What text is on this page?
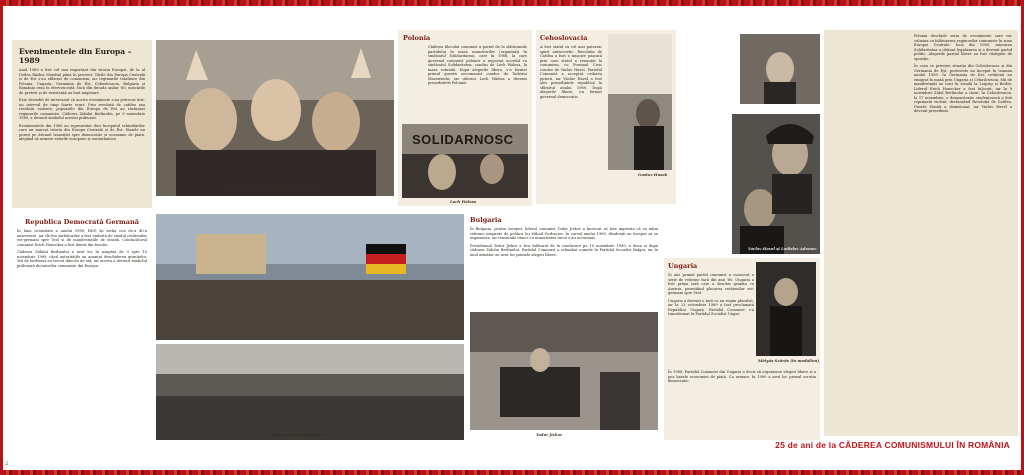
Evenimentele din Europa – 1989
Anul 1989 a fost cel mai important din istoria Europei, de la al Doilea Război Mondial până în prezent. Țările din Europa Centrală și de Est s-au eliberat de comunism, iar regimurile totalitare din Polonia, Ungaria, Germania de Est, Cehoslovacia, Bulgaria și România erau în efervescență. Încă din decada anilor '80, mișcările de protest și de rezistență au luat amploare.
Este deosebit de interesant că aceste evenimente s-au petrecut într-un interval de timp foarte scurt. Prin revoluții de catifea sau revoluții violente, popoarele din Europa de Est au răsturnat regimurile comuniste. Căderea Zidului Berlinului, pe 9 noiembrie 1989, a devenit simbolul acestei prăbușiri.
Evenimentele din 1989 au reprezentat deci începutul schimbărilor care au marcat istoria din Europa Centrală și de Est. Statele au pornit pe drumul tranziției spre democrație și economie de piață, alegând să urmeze valorile europene și euroatlantice.
Mihail Gorbaciov și Erich Honecker (1989)
Polonia
Căderea blocului comunist a pornit de la slăbiciunile partidului în masa muncitorilor (organizați în sindicatul Solidaritatea), care în 1988, la care guvernul comunist polonez a negociat acordul cu sindicatul Solidaritatea, condus de Lech Walesa, la masa rotundă. După alegerile libere, s-a format primul guvern necomunist condus de Tadeusz Mazowiecki, iar ulterior Lech Walesa a devenit președintele Poloniei.
SOLIDARNOSC
Lech Walesa
Cehoslovacia
A fost statul cu cel mai puternic spirit antisovietic. Revoluția de Catifea a fost o mișcare pașnică prin care statul a renunțat la comunism, cu Forumul Civic condus de Václav Havel. Partidul Comunist a acceptat cedarea puterii, iar Václav Havel a fost ales președintele republicii la sfârșitul anului 1989. După alegerile libere, s-a format guvernul democratic.
Gustav Husak
Vaclav Havel și Ladislav Adamec
Polonia deschide seria de evenimente care vor culmina cu înlăturarea regimurilor comuniste în zona Europei Centrale. Încă din 1989, mișcarea Solidaritatea a obținut legalizarea și a devenit partid politic. Alegerile parțial libere au fost câștigate de opoziție.
În ceea ce privește situația din Cehoslovacia și din Germania de Est, protestele au început în toamna anului 1989. În Germania de Est, cetățenii au emigrat în masă prin Ungaria și Cehoslovacia. Mii de manifestanți au ieșit în stradă la Leipzig și Berlin. Liderul Erich Honecker a fost înlocuit, iar la 9 noiembrie Zidul Berlinului a căzut. În Cehoslovacia, la 17 noiembrie, o demonstrație studențească a fost reprimată violent, declanșând Revoluția de Catifea. Gustáv Husák a demisionat, iar Václav Havel a devenit președinte.
Republica Democrată Germană
În luna octombrie a anului 1989, RDG își serba cea de-a 40-a aniversare, iar cliclea sărbătorilor a fost umbrită de exodul cetățenilor est-germani spre Vest și de manifestațiile de stradă. Conducătorul comunist Erich Honecker a fost demis din funcție.
Căderea Zidului Berlinului a avut loc în noaptea de 9 spre 10 noiembrie 1989, când autoritățile au anunțat deschiderea granițelor. Mii de berlinezi au trecut dincolo de zid, iar acesta a devenit simbolul prăbușirii dictaturilor comuniste din Europa.
Căderea zidului Berlinului
Bulgaria
În Bulgaria, pentru început, liderul comunist Todor Jivkov a încercat să lase impresia că va iniția reforme inspirate de politica lui Mihail Gorbaciov. În cursul anului 1989, disidenții au început să se organizeze, iar tensiunile etnice cu minoritatea turcă s-au accentuat.
Prezidiumul Todor Jivkov a fost înlăturat de la conducere pe 10 noiembrie 1989, a doua zi după căderea Zidului Berlinului. Partidul Comunist a schimbat numele în Partidul Socialist Bulgar, iar în anul următor au avut loc primele alegeri libere.
Todor Jivkov
Ungaria
Și aici primul partid comunist a cunoscut o serie de reforme încă din anii '80. Ungaria a fost prima țară care a deschis granița cu Austria, permițând plecarea cetățenilor est-germani spre Vest.
Ungaria a devenit o țară cu un regim pluralist, iar la 23 octombrie 1989 a fost proclamată Republica Ungară. Partidul Comunist s-a transformat în Partidul Socialist Ungar.
Mátyás Szűrös (în medalion)
În 1988, Partidul Comunist din Ungaria a decis să organizeze alegeri libere și a pus bazele economiei de piață. Ca urmare, în 1990 a avut loc primul scrutin democratic.
25 de ani de la CĂDEREA COMUNISMULUI ÎN ROMÂNIA
2
